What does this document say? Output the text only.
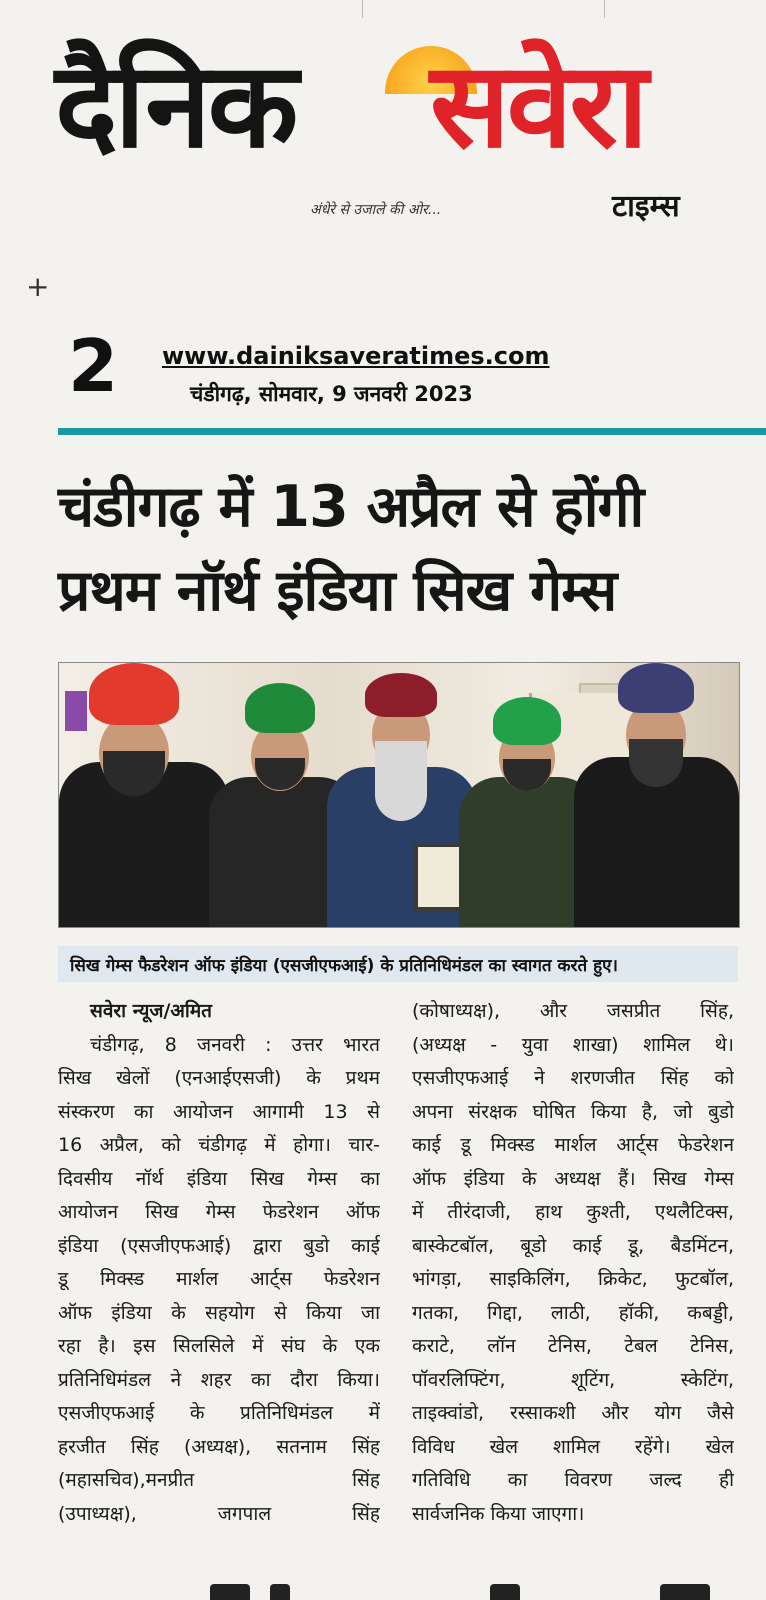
दैनिक सवेरा
अंधेरे से उजाले की ओर...	टाइम्स
+
2 www.dainiksaveratimes.com
चंडीगढ़, सोमवार, 9 जनवरी 2023
चंडीगढ़ में 13 अप्रैल से होंगी
प्रथम नॉर्थ इंडिया सिख गेम्स
सिख गेम्स फैडरेशन ऑफ इंडिया (एसजीएफआई) के प्रतिनिधिमंडल का स्वागत करते हुए।
सवेरा न्यूज/अमित
चंडीगढ़, 8 जनवरी : उत्तर भारत
सिख खेलों (एनआईएसजी) के प्रथम
संस्करण का आयोजन आगामी 13 से
16 अप्रैल, को चंडीगढ़ में होगा। चार-
दिवसीय नॉर्थ इंडिया सिख गेम्स का
आयोजन सिख गेम्स फेडरेशन ऑफ
इंडिया (एसजीएफआई) द्वारा बुडो काई
डू मिक्स्ड मार्शल आर्ट्स फेडरेशन
ऑफ इंडिया के सहयोग से किया जा
रहा है। इस सिलसिले में संघ के एक
प्रतिनिधिमंडल ने शहर का दौरा किया।
एसजीएफआई के प्रतिनिधिमंडल में
हरजीत सिंह (अध्यक्ष), सतनाम सिंह
(महासचिव),मनप्रीत सिंह
(उपाध्यक्ष), जगपाल सिंह
(कोषाध्यक्ष), और जसप्रीत सिंह,
(अध्यक्ष - युवा शाखा) शामिल थे।
एसजीएफआई ने शरणजीत सिंह को
अपना संरक्षक घोषित किया है, जो बुडो
काई डू मिक्स्ड मार्शल आर्ट्स फेडरेशन
ऑफ इंडिया के अध्यक्ष हैं। सिख गेम्स
में तीरंदाजी, हाथ कुश्ती, एथलैटिक्स,
बास्केटबॉल, बूडो काई डू, बैडमिंटन,
भांगड़ा, साइकिलिंग, क्रिकेट, फुटबॉल,
गतका, गिद्दा, लाठी, हॉकी, कबड्डी,
कराटे, लॉन टेनिस, टेबल टेनिस,
पॉवरलिफ्टिंग, शूटिंग, स्केटिंग,
ताइक्वांडो, रस्साकशी और योग जैसे
विविध खेल शामिल रहेंगे। खेल
गतिविधि का विवरण जल्द ही
सार्वजनिक किया जाएगा।
